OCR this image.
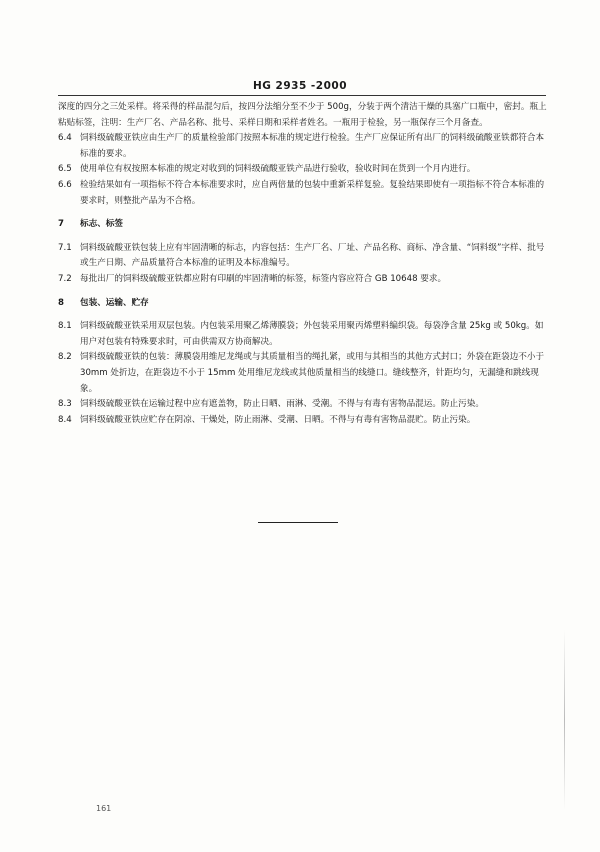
HG 2935 -2000

深度的四分之三处采样。将采得的样品混匀后，按四分法缩分至不少于 500g，分装于两个清洁干燥的具塞广口瓶中，密封。瓶上粘贴标签，注明：生产厂名、产品名称、批号、采样日期和采样者姓名。一瓶用于检验，另一瓶保存三个月备查。

6.4 饲料级硫酸亚铁应由生产厂的质量检验部门按照本标准的规定进行检验。生产厂应保证所有出厂的饲料级硫酸亚铁都符合本标准的要求。

6.5 使用单位有权按照本标准的规定对收到的饲料级硫酸亚铁产品进行验收，验收时间在货到一个月内进行。

6.6 检验结果如有一项指标不符合本标准要求时，应自两倍量的包装中重新采样复验。复验结果即使有一项指标不符合本标准的要求时，则整批产品为不合格。

7 标志、标签

7.1 饲料级硫酸亚铁包装上应有牢固清晰的标志，内容包括：生产厂名、厂址、产品名称、商标、净含量、“饲料级”字样、批号或生产日期、产品质量符合本标准的证明及本标准编号。

7.2 每批出厂的饲料级硫酸亚铁都应附有印刷的牢固清晰的标签，标签内容应符合 GB 10648 要求。

8 包装、运输、贮存

8.1 饲料级硫酸亚铁采用双层包装。内包装采用聚乙烯薄膜袋；外包装采用聚丙烯塑料编织袋。每袋净含量 25kg 或 50kg。如用户对包装有特殊要求时，可由供需双方协商解决。

8.2 饲料级硫酸亚铁的包装：薄膜袋用维尼龙绳或与其质量相当的绳扎紧，或用与其相当的其他方式封口；外袋在距袋边不小于 30mm 处折边，在距袋边不小于 15mm 处用维尼龙线或其他质量相当的线缝口。缝线整齐，针距均匀，无漏缝和跳线现象。

8.3 饲料级硫酸亚铁在运输过程中应有遮盖物，防止日晒、雨淋、受潮。不得与有毒有害物品混运。防止污染。

8.4 饲料级硫酸亚铁应贮存在阴凉、干燥处，防止雨淋、受潮、日晒。不得与有毒有害物品混贮。防止污染。

161
